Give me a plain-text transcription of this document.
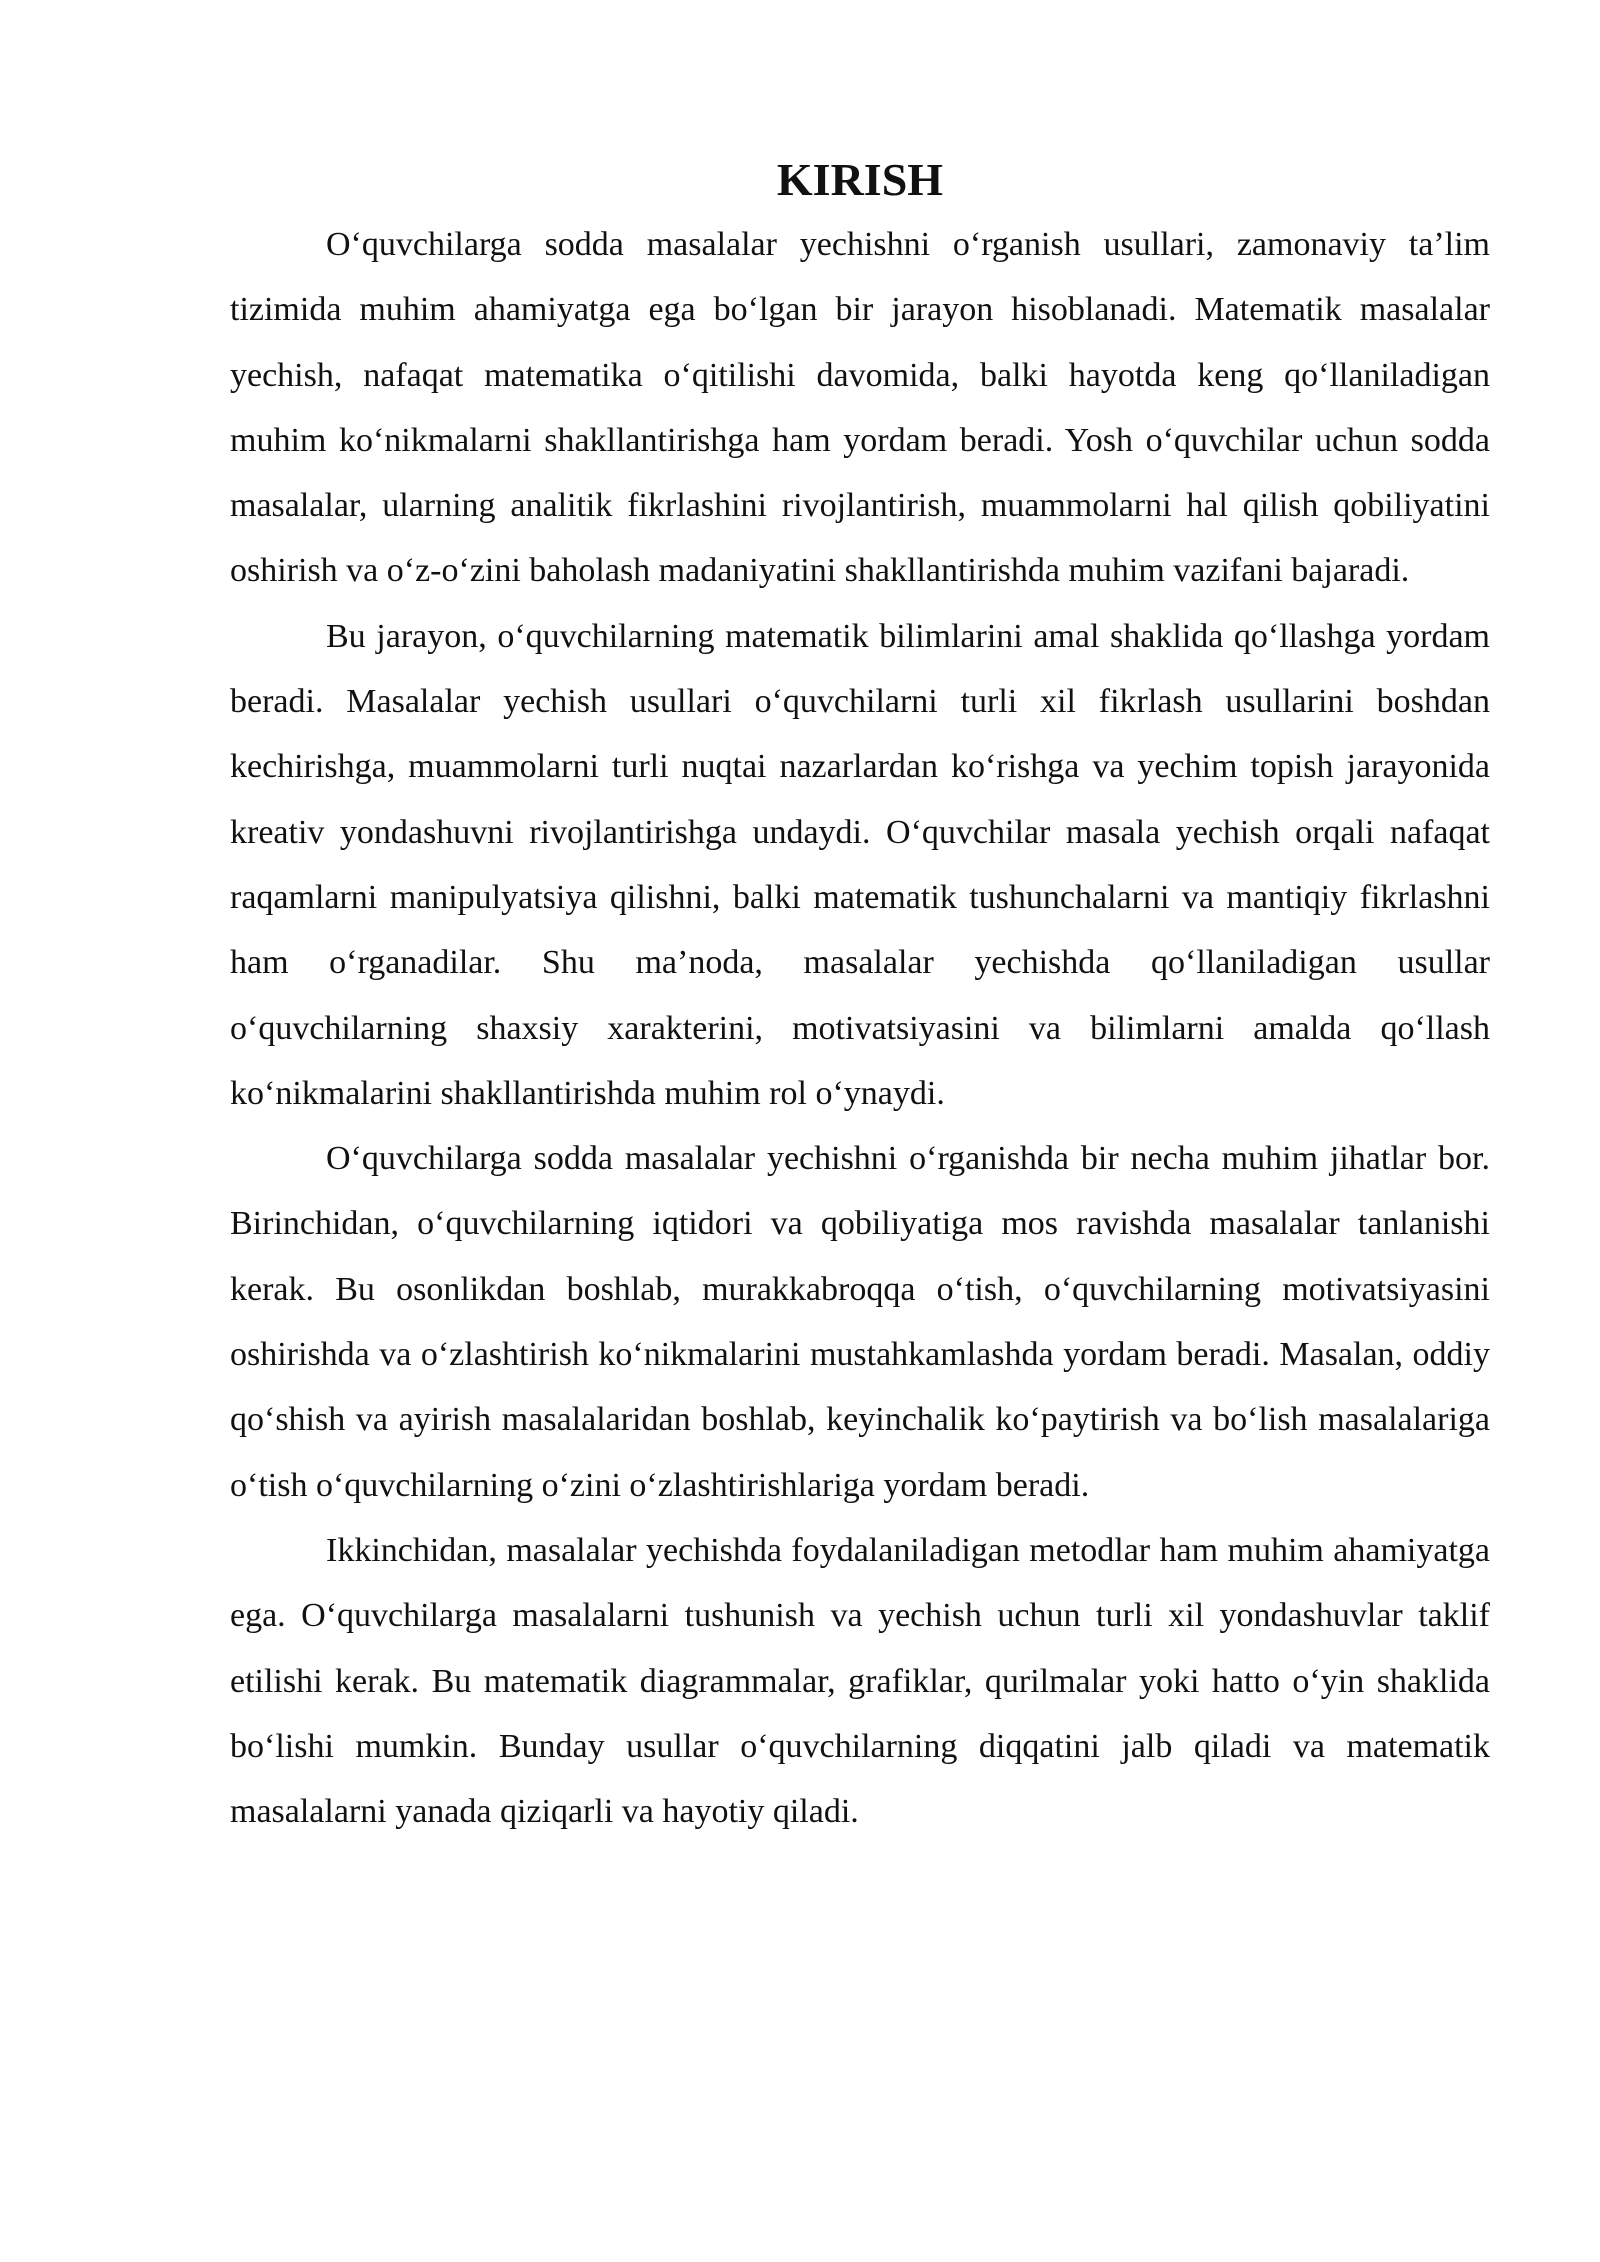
KIRISH

O‘quvchilarga sodda masalalar yechishni o‘rganish usullari, zamonaviy ta’lim tizimida muhim ahamiyatga ega bo‘lgan bir jarayon hisoblanadi. Matematik masalalar yechish, nafaqat matematika o‘qitilishi davomida, balki hayotda keng qo‘llaniladigan muhim ko‘nikmalarni shakllantirishga ham yordam beradi. Yosh o‘quvchilar uchun sodda masalalar, ularning analitik fikrlashini rivojlantirish, muammolarni hal qilish qobiliyatini oshirish va o‘z-o‘zini baholash madaniyatini shakllantirishda muhim vazifani bajaradi.

Bu jarayon, o‘quvchilarning matematik bilimlarini amal shaklida qo‘llashga yordam beradi. Masalalar yechish usullari o‘quvchilarni turli xil fikrlash usullarini boshdan kechirishga, muammolarni turli nuqtai nazarlardan ko‘rishga va yechim topish jarayonida kreativ yondashuvni rivojlantirishga undaydi. O‘quvchilar masala yechish orqali nafaqat raqamlarni manipulyatsiya qilishni, balki matematik tushunchalarni va mantiqiy fikrlashni ham o‘rganadilar. Shu ma’noda, masalalar yechishda qo‘llaniladigan usullar o‘quvchilarning shaxsiy xarakterini, motivatsiyasini va bilimlarni amalda qo‘llash ko‘nikmalarini shakllantirishda muhim rol o‘ynaydi.

O‘quvchilarga sodda masalalar yechishni o‘rganishda bir necha muhim jihatlar bor. Birinchidan, o‘quvchilarning iqtidori va qobiliyatiga mos ravishda masalalar tanlanishi kerak. Bu osonlikdan boshlab, murakkabroqqa o‘tish, o‘quvchilarning motivatsiyasini oshirishda va o‘zlashtirish ko‘nikmalarini mustahkamlashda yordam beradi. Masalan, oddiy qo‘shish va ayirish masalalaridan boshlab, keyinchalik ko‘paytirish va bo‘lish masalalariga o‘tish o‘quvchilarning o‘zini o‘zlashtirishlariga yordam beradi.

Ikkinchidan, masalalar yechishda foydalaniladigan metodlar ham muhim ahamiyatga ega. O‘quvchilarga masalalarni tushunish va yechish uchun turli xil yondashuvlar taklif etilishi kerak. Bu matematik diagrammalar, grafiklar, qurilmalar yoki hatto o‘yin shaklida bo‘lishi mumkin. Bunday usullar o‘quvchilarning diqqatini jalb qiladi va matematik masalalarni yanada qiziqarli va hayotiy qiladi.
